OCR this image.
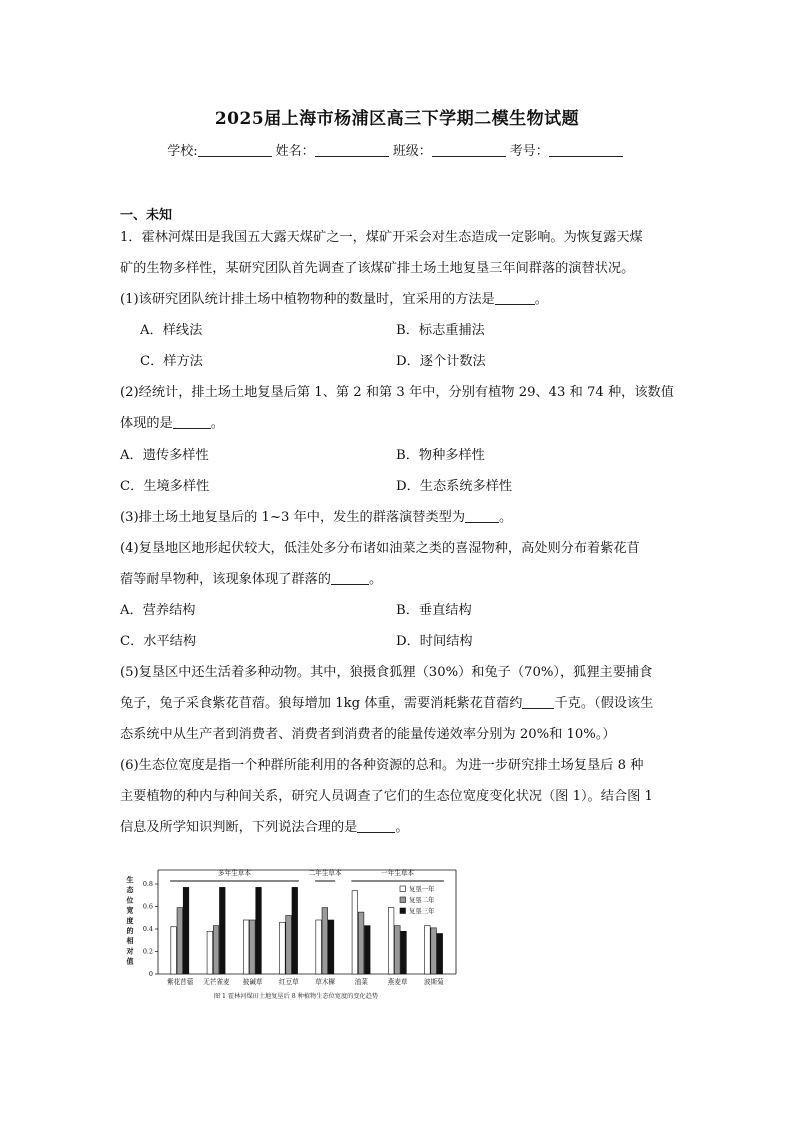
2025届上海市杨浦区高三下学期二模生物试题
学校:	姓名：	班级：	考号：
一、未知
1．霍林河煤田是我国五大露天煤矿之一，煤矿开采会对生态造成一定影响。为恢复露天煤
矿的生物多样性，某研究团队首先调查了该煤矿排土场土地复垦三年间群落的演替状况。
(1)该研究团队统计排土场中植物物种的数量时，宜采用的方法是	。
A．样线法	B．标志重捕法
C．样方法	D．逐个计数法
(2)经统计，排土场土地复垦后第 1、第 2 和第 3 年中，分别有植物 29、43 和 74 种，该数值
体现的是	。
A．遗传多样性	B．物种多样性
C．生境多样性	D．生态系统多样性
(3)排土场土地复垦后的 1~3 年中，发生的群落演替类型为	。
(4)复垦地区地形起伏较大，低洼处多分布诸如油菜之类的喜湿物种，高处则分布着紫花苜
蓿等耐旱物种，该现象体现了群落的	。
A．营养结构	B．垂直结构
C．水平结构	D．时间结构
(5)复垦区中还生活着多种动物。其中，狼摄食狐狸（30%）和兔子（70%），狐狸主要捕食
兔子，兔子采食紫花苜蓿。狼每增加 1kg 体重，需要消耗紫花苜蓿约 千克。（假设该生
态系统中从生产者到消费者、消费者到消费者的能量传递效率分别为 20%和 10%。）
(6)生态位宽度是指一个种群所能利用的各种资源的总和。为进一步研究排土场复垦后 8 种
主要植物的种内与种间关系，研究人员调查了它们的生态位宽度变化状况（图 1）。结合图 1
信息及所学知识判断，下列说法合理的是	。
生
态
位
宽
度
的
相
对
值
0
0.2
0.4
0.6
0.8
多年生草本	二年生草本	一年生草本
紫花苜蓿 无芒雀麦 披碱草 红豆草 草木樨	油菜	燕麦草 波斯菊
复垦一年
复垦二年
复垦三年
图 1 霍林河煤田土地复垦后 8 种植物生态位宽度的变化趋势
